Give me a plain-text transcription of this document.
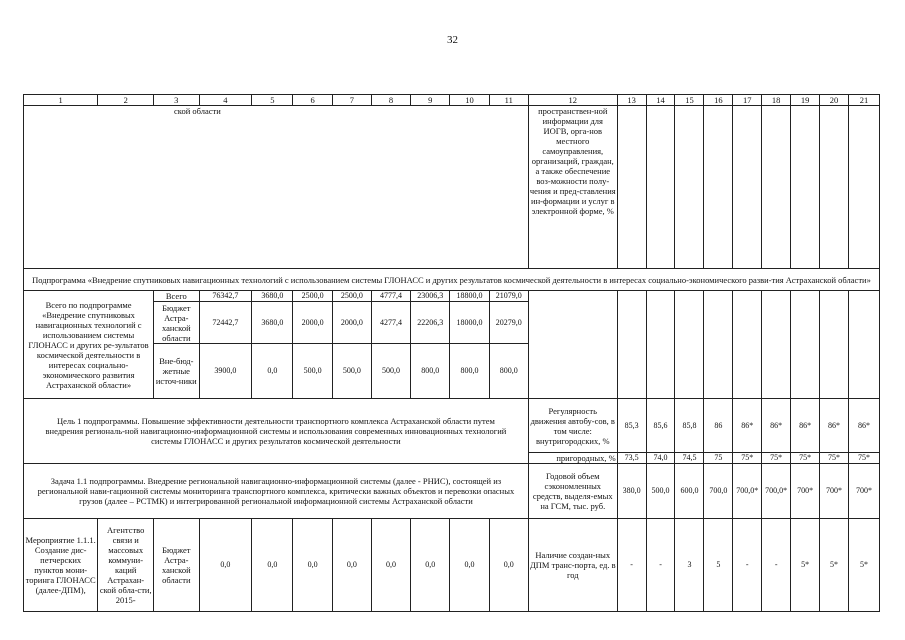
32
1	2	3	4	5	6	7	8	9	10	11	12	13	14	15	16	17	18	19	20	21
ской области											пространствен-ной информации для ИОГВ, орга-нов местного самоуправления, организаций, граждан, а также обеспечение воз-можности полу-чения и пред-ставления ин-формации и услуг в электронной форме, %									
Подпрограмма «Внедрение спутниковых навигационных технологий с использованием системы ГЛОНАСС и других результатов космической деятельности в интересах социально-экономического разви-тия Астраханской области»																				
Всего по подпрограмме «Внедрение спутниковых навигационных технологий с использованием системы ГЛОНАСС и других ре-зультатов космической деятельности в интересах социально-экономического развития Астраханской области»		Всего	76342,7	3680,0	2500,0	2500,0	4777,4	23006,3	18800,0	21079,0										
		Бюджет Астра-ханской области	72442,7	3680,0	2000,0	2000,0	4277,4	22206,3	18000,0	20279,0										
		Вне-бюд-жетные источ-ники	3900,0	0,0	500,0	500,0	500,0	800,0	800,0	800,0										
Цель 1 подпрограммы. Повышение эффективности деятельности транспортного комплекса Астраханской области путем внедрения региональ-ной навигационно-информационной системы и использования современных инновационных технологий системы ГЛОНАСС и других результатов космической деятельности											Регулярность движения автобу-сов, в том числе: внутригородских, %	85,3	85,6	85,8	86	86*	86*	86*	86*	86*
											пригородных, %	73,5	74,0	74,5	75	75*	75*	75*	75*	75*
Задача 1.1 подпрограммы. Внедрение региональной навигационно-информационной системы (далее - РНИС), состоящей из региональной нави-гационной системы мониторинга транспортного комплекса, критически важных объектов и перевозки опасных грузов (далее – РСТМК) и интегрированной региональной информационной системы Астраханской области											Годовой объем сэкономленных средств, выделя-емых на ГСМ, тыс. руб.	380,0	500,0	600,0	700,0	700,0*	700,0*	700*	700*	700*
Мероприятие 1.1.1. Создание дис-петчерских пунктов мони-торинга ГЛОНАСС (далее-ДПМ),	Агентство связи и массовых коммуни-каций Астрахан-ской обла-сти, 2015-	Бюджет Астра-ханской области	0,0	0,0	0,0	0,0	0,0	0,0	0,0	0,0	Наличие создан-ных ДПМ транс-порта, ед. в год	-	-	3	5	-	-	5*	5*	5*
